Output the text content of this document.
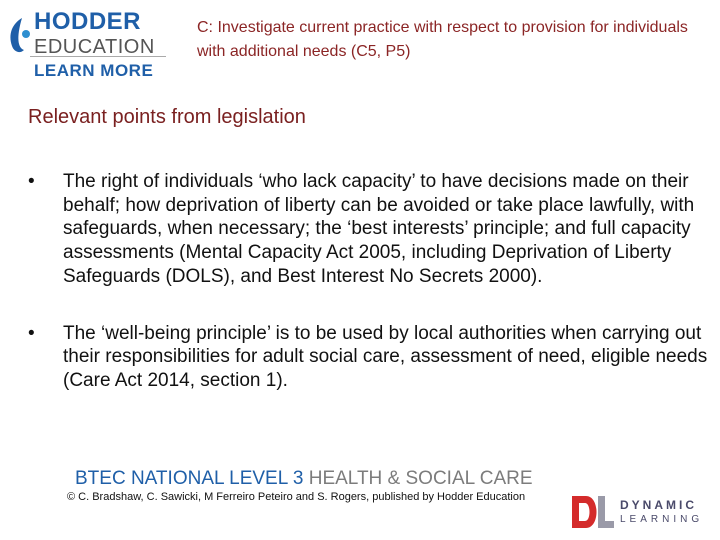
HODDER
EDUCATION
LEARN MORE
C: Investigate current practice with respect to provision for individuals with additional needs (C5, P5)
Relevant points from legislation
• The right of individuals ‘who lack capacity’ to have decisions made on their behalf; how deprivation of liberty can be avoided or take place lawfully, with safeguards, when necessary; the ‘best interests’ principle; and full capacity assessments (Mental Capacity Act 2005, including Deprivation of Liberty Safeguards (DOLS), and Best Interest No Secrets 2000).
• The ‘well-being principle’ is to be used by local authorities when carrying out their responsibilities for adult social care, assessment of need, eligible needs (Care Act 2014, section 1).
BTEC NATIONAL LEVEL 3 HEALTH & SOCIAL CARE
© C. Bradshaw, C. Sawicki, M Ferreiro Peteiro and S. Rogers, published by Hodder Education
DYNAMIC
LEARNING
